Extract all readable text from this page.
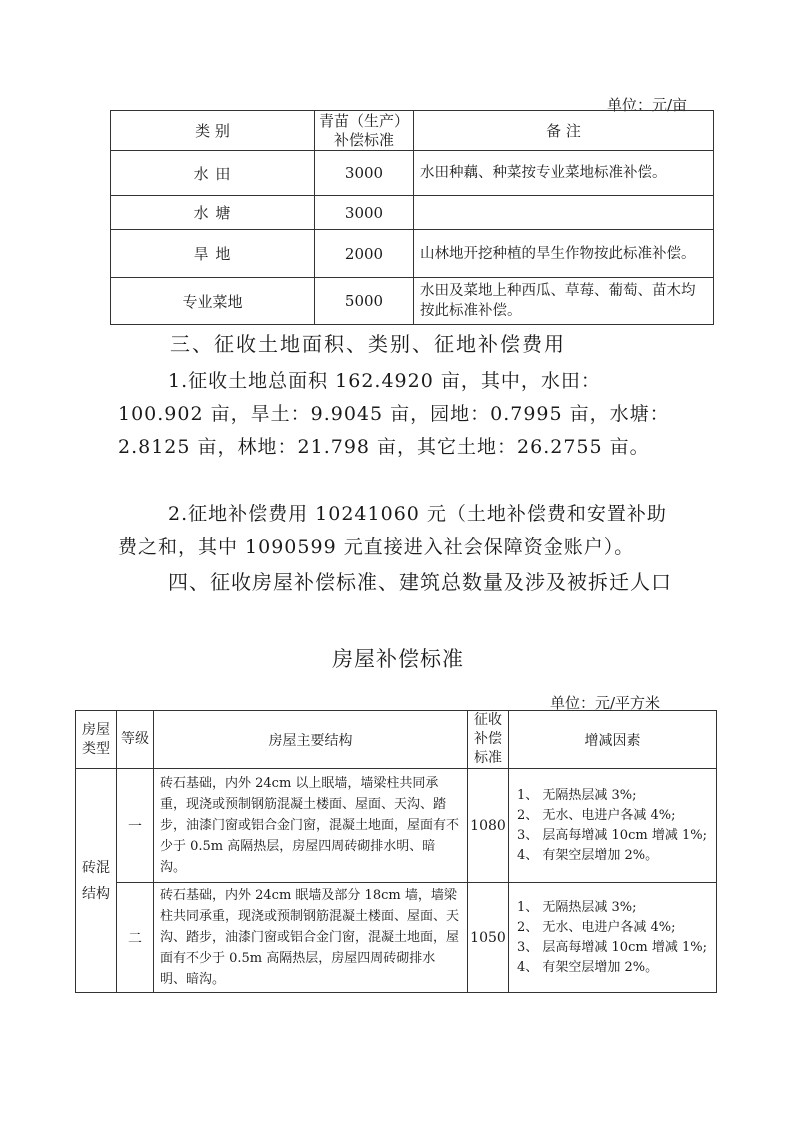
单位：元/亩
类 别	青苗（生产）补偿标准	备 注
水 田	3000	水田种藕、种菜按专业菜地标准补偿。
水 塘	3000	
旱 地	2000	山林地开挖种植的旱生作物按此标准补偿。
专业菜地	5000	水田及菜地上种西瓜、草莓、葡萄、苗木均按此标准补偿。
三、征收土地面积、类别、征地补偿费用
1.征收土地总面积 162.4920 亩，其中，水田：100.902 亩，旱土：9.9045 亩，园地：0.7995 亩，水塘：2.8125 亩，林地：21.798 亩，其它土地：26.2755 亩。
2.征地补偿费用 10241060 元（土地补偿费和安置补助费之和，其中 1090599 元直接进入社会保障资金账户）。
四、征收房屋补偿标准、建筑总数量及涉及被拆迁人口
房屋补偿标准
单位：元/平方米
房屋类型	等级	房屋主要结构	征收补偿标准	增减因素
砖混结构	一	砖石基础，内外 24cm 以上眠墙，墙梁柱共同承重，现浇或预制钢筋混凝土楼面、屋面、天沟、踏步，油漆门窗或铝合金门窗，混凝土地面，屋面有不少于 0.5m 高隔热层，房屋四周砖砌排水明、暗沟。	1080	1、 无隔热层减 3%;
2、 无水、电进户各减 4%;
3、 层高每增减 10cm 增减 1%;
4、 有架空层增加 2%。

	二	砖石基础，内外 24cm 眠墙及部分 18cm 墙，墙梁柱共同承重，现浇或预制钢筋混凝土楼面、屋面、天沟、踏步，油漆门窗或铝合金门窗，混凝土地面，屋面有不少于 0.5m 高隔热层，房屋四周砖砌排水明、暗沟。	1050	1、 无隔热层减 3%;
2、 无水、电进户各减 4%;
3、 层高每增减 10cm 增减 1%;
4、 有架空层增加 2%。
